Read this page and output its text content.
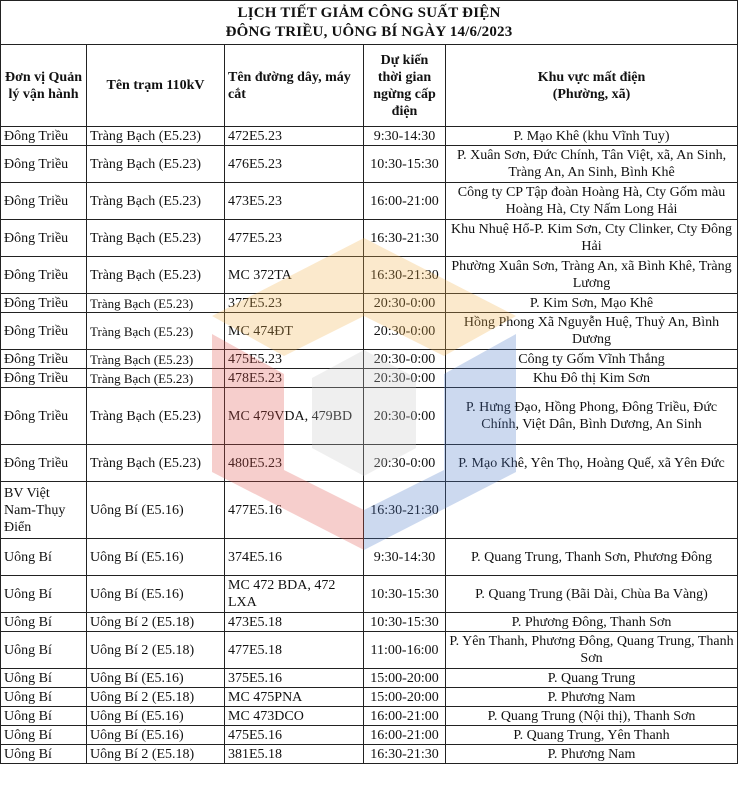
LỊCH TIẾT GIẢM CÔNG SUẤT ĐIỆN
ĐÔNG TRIỀU, UÔNG BÍ NGÀY 14/6/2023				

Đơn vị Quản lý vận hành	Tên trạm 110kV	Tên đường dây, máy cắt	Dự kiến thời gian ngừng cấp điện	Khu vực mất điện
(Phường, xã)

Đông Triều	Tràng Bạch (E5.23)	472E5.23	9:30-14:30	P. Mạo Khê (khu Vĩnh Tuy)
Đông Triều	Tràng Bạch (E5.23)	476E5.23	10:30-15:30	P. Xuân Sơn, Đức Chính, Tân Việt, xã, An Sinh, Tràng An, An Sinh, Bình Khê
Đông Triều	Tràng Bạch (E5.23)	473E5.23	16:00-21:00	Công ty CP Tập đoàn Hoàng Hà, Cty Gốm màu Hoàng Hà, Cty Nấm Long Hải
Đông Triều	Tràng Bạch (E5.23)	477E5.23	16:30-21:30	Khu Nhuệ Hổ-P. Kim Sơn, Cty Clinker, Cty Đông Hải
Đông Triều	Tràng Bạch (E5.23)	MC 372TA	16:30-21:30	Phường Xuân Sơn, Tràng An, xã Bình Khê, Tràng Lương
Đông Triều	Tràng Bạch (E5.23)	377E5.23	20:30-0:00	P. Kim Sơn, Mạo Khê
Đông Triều	Tràng Bạch (E5.23)	MC 474ĐT	20:30-0:00	Hồng Phong Xã Nguyễn Huệ, Thuỷ An, Bình Dương
Đông Triều	Tràng Bạch (E5.23)	475E5.23	20:30-0:00	Công ty Gốm Vĩnh Thắng
Đông Triều	Tràng Bạch (E5.23)	478E5.23	20:30-0:00	Khu Đô thị Kim Sơn
Đông Triều	Tràng Bạch (E5.23)	MC 479VDA, 479BD	20:30-0:00	P. Hưng Đạo, Hồng Phong, Đông Triều, Đức Chính, Việt Dân, Bình Dương, An Sinh
Đông Triều	Tràng Bạch (E5.23)	480E5.23	20:30-0:00	P. Mạo Khê, Yên Thọ, Hoàng Quế, xã Yên Đức
BV Việt Nam-Thụy Điển	Uông Bí (E5.16)	477E5.16	16:30-21:30	
Uông Bí	Uông Bí (E5.16)	374E5.16	9:30-14:30	P. Quang Trung, Thanh Sơn, Phương Đông
Uông Bí	Uông Bí (E5.16)	MC 472 BDA, 472 LXA	10:30-15:30	P. Quang Trung (Bãi Dài, Chùa Ba Vàng)
Uông Bí	Uông Bí 2 (E5.18)	473E5.18	10:30-15:30	P. Phương Đông, Thanh Sơn
Uông Bí	Uông Bí 2 (E5.18)	477E5.18	11:00-16:00	P. Yên Thanh, Phương Đông, Quang Trung, Thanh Sơn
Uông Bí	Uông Bí (E5.16)	375E5.16	15:00-20:00	P. Quang Trung
Uông Bí	Uông Bí 2 (E5.18)	MC 475PNA	15:00-20:00	P. Phương Nam
Uông Bí	Uông Bí (E5.16)	MC 473DCO	16:00-21:00	P. Quang Trung (Nội thị), Thanh Sơn
Uông Bí	Uông Bí (E5.16)	475E5.16	16:00-21:00	P. Quang Trung, Yên Thanh
Uông Bí	Uông Bí 2 (E5.18)	381E5.18	16:30-21:30	P. Phương Nam
